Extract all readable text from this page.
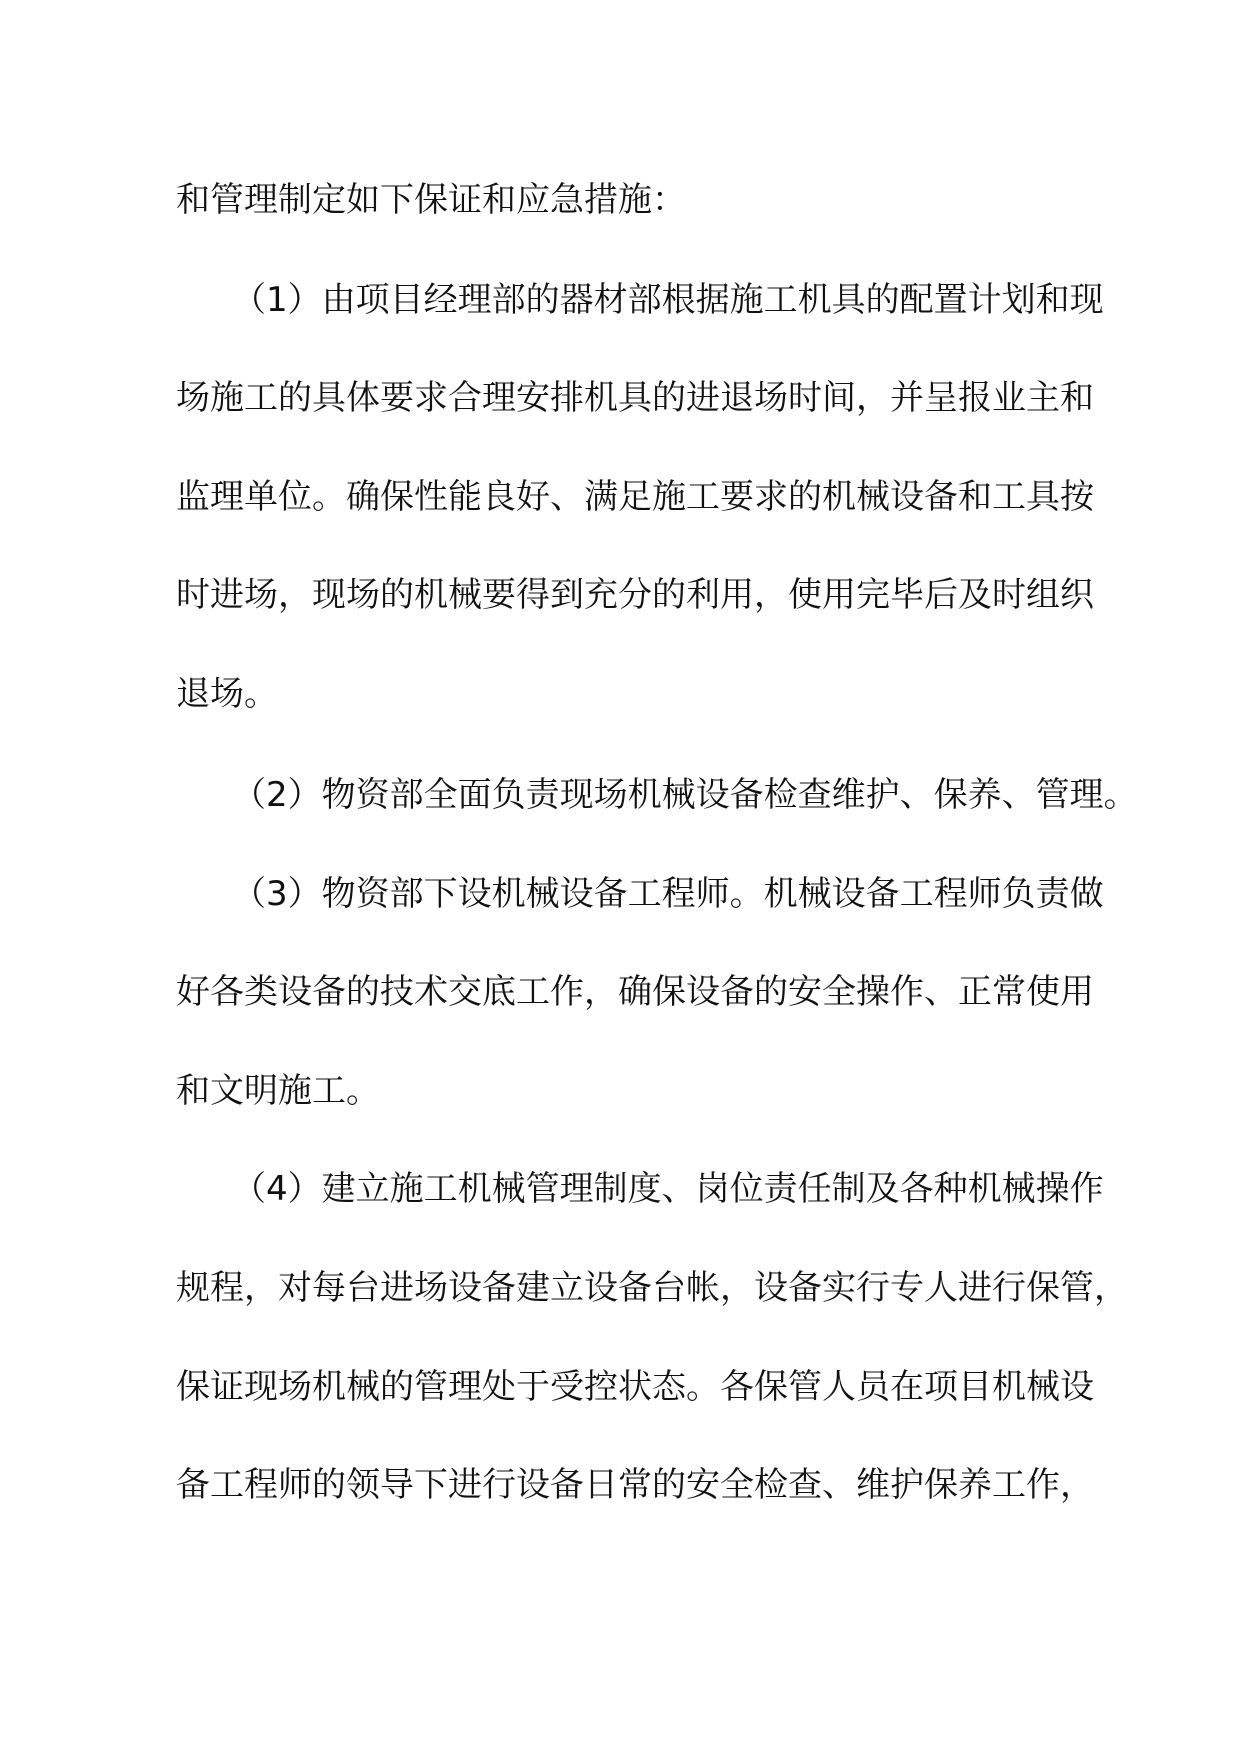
和管理制定如下保证和应急措施：
（1）由项目经理部的器材部根据施工机具的配置计划和现
场施工的具体要求合理安排机具的进退场时间，并呈报业主和
监理单位。确保性能良好、满足施工要求的机械设备和工具按
时进场，现场的机械要得到充分的利用，使用完毕后及时组织
退场。
（2）物资部全面负责现场机械设备检查维护、保养、管理。
（3）物资部下设机械设备工程师。机械设备工程师负责做
好各类设备的技术交底工作，确保设备的安全操作、正常使用
和文明施工。
（4）建立施工机械管理制度、岗位责任制及各种机械操作
规程，对每台进场设备建立设备台帐，设备实行专人进行保管，
保证现场机械的管理处于受控状态。各保管人员在项目机械设
备工程师的领导下进行设备日常的安全检查、维护保养工作，
